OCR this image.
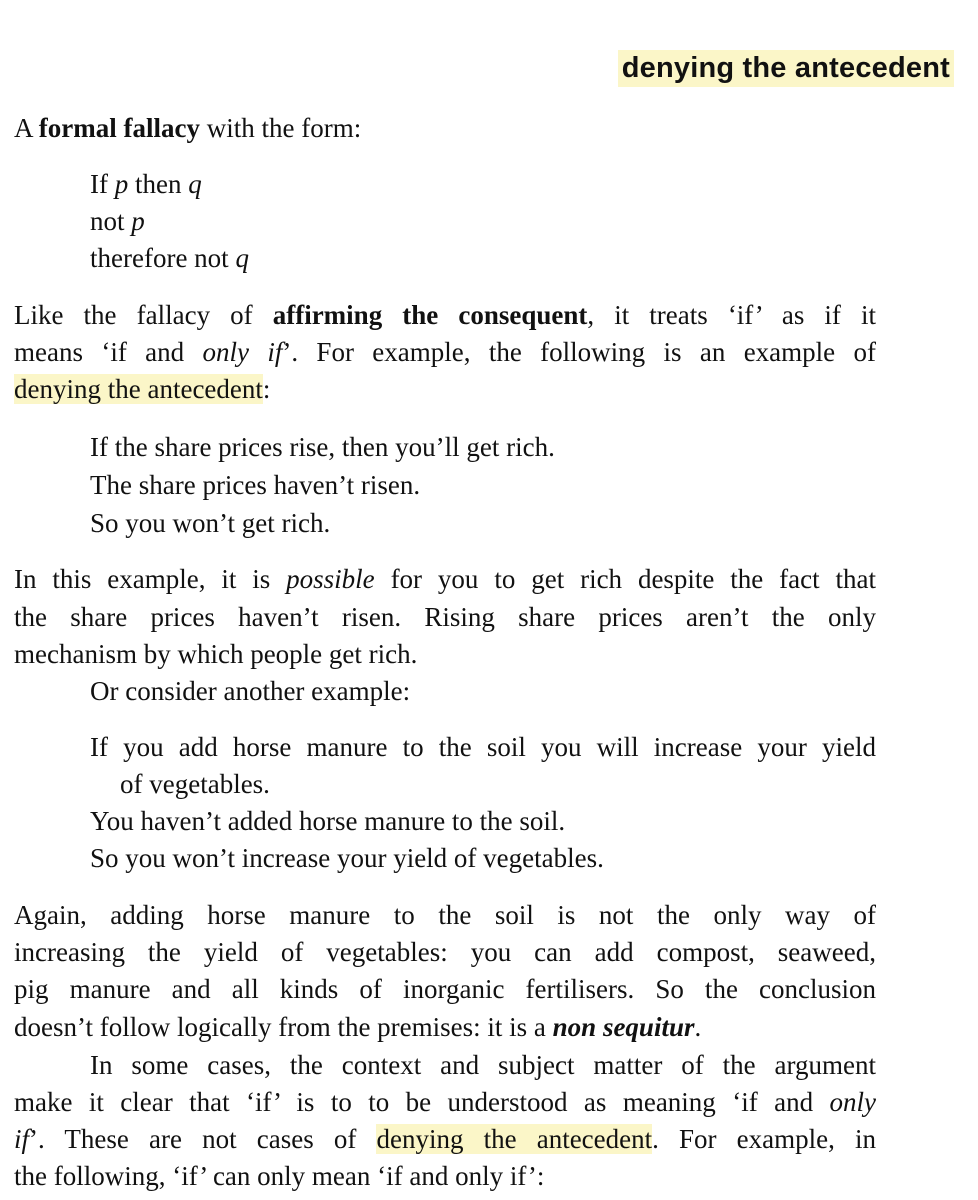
denying the antecedent
A formal fallacy with the form:
If p then q
not p
therefore not q
Like the fallacy of affirming the consequent, it treats ‘if’ as if it
means ‘if and only if’. For example, the following is an example of
denying the antecedent:
If the share prices rise, then you’ll get rich.
The share prices haven’t risen.
So you won’t get rich.
In this example, it is possible for you to get rich despite the fact that
the share prices haven’t risen. Rising share prices aren’t the only
mechanism by which people get rich.
Or consider another example:
If you add horse manure to the soil you will increase your yield
of vegetables.
You haven’t added horse manure to the soil.
So you won’t increase your yield of vegetables.
Again, adding horse manure to the soil is not the only way of
increasing the yield of vegetables: you can add compost, seaweed,
pig manure and all kinds of inorganic fertilisers. So the conclusion
doesn’t follow logically from the premises: it is a non sequitur.
In some cases, the context and subject matter of the argument
make it clear that ‘if’ is to to be understood as meaning ‘if and only
if’. These are not cases of denying the antecedent. For example, in
the following, ‘if’ can only mean ‘if and only if’:
